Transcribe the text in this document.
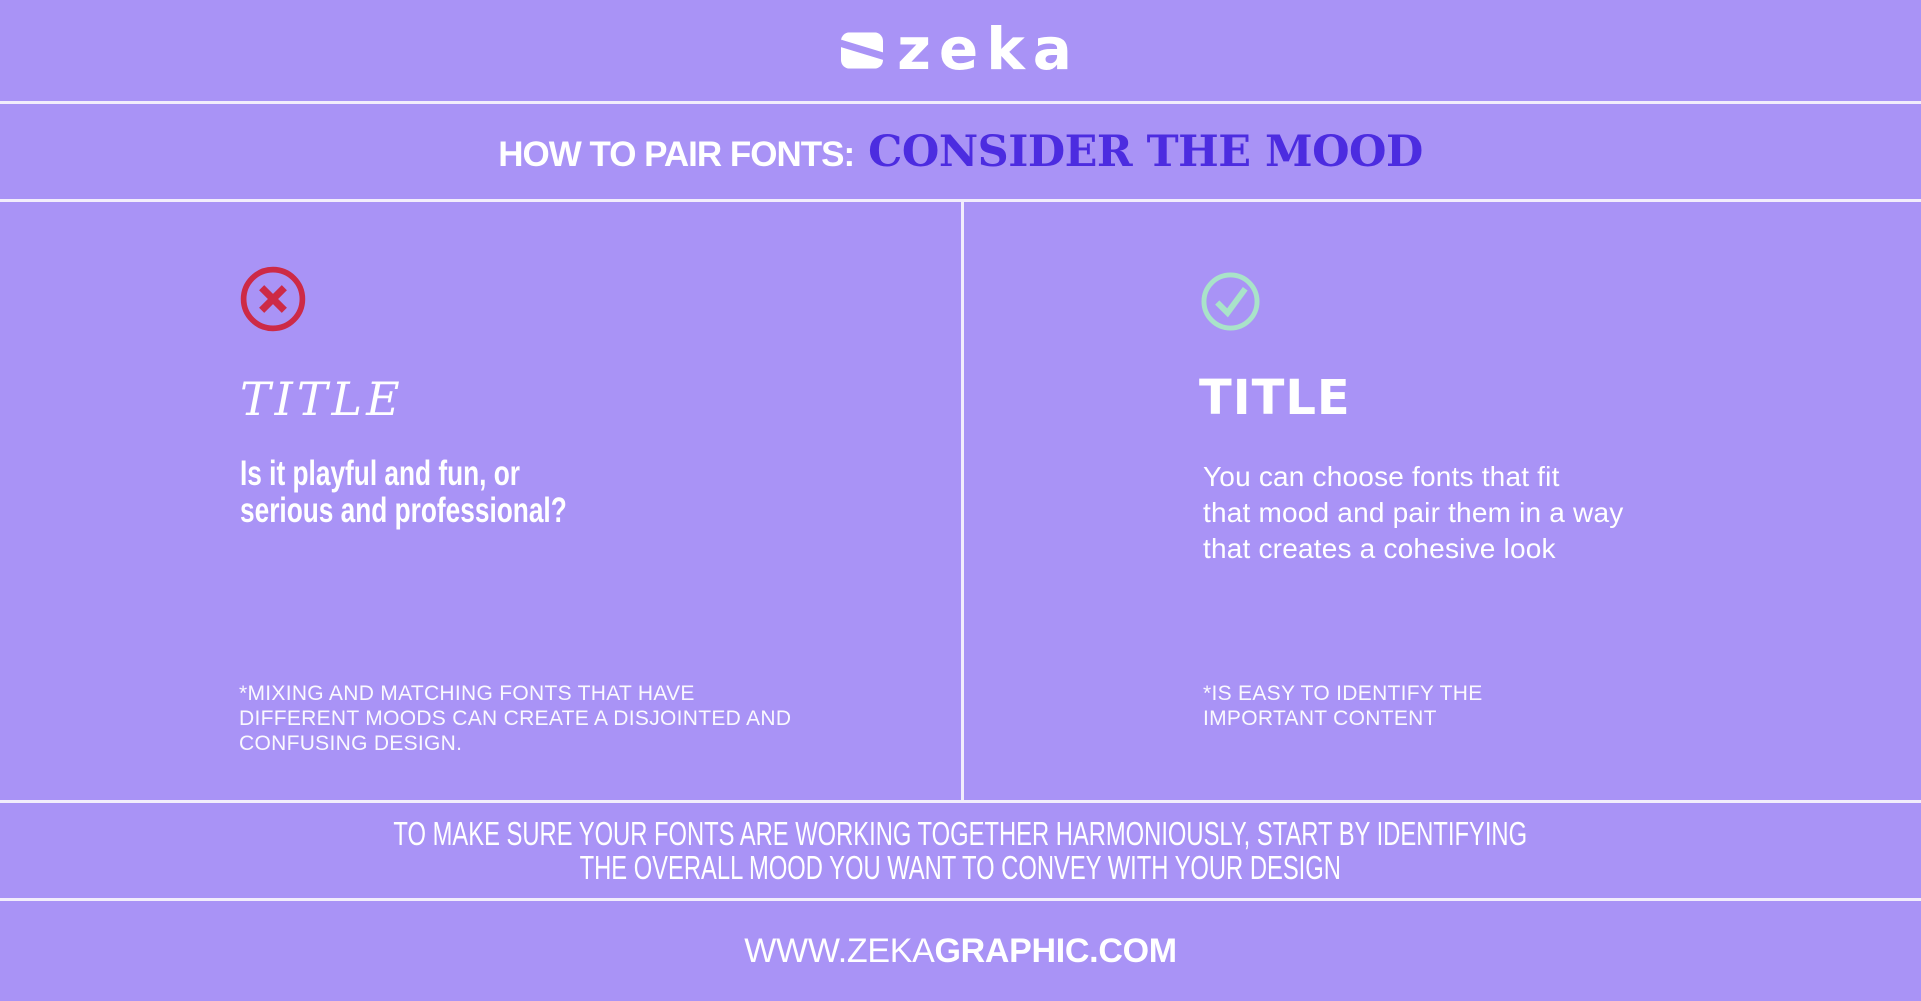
zeka
HOW TO PAIR FONTS: CONSIDER THE MOOD
TITLE
Is it playful and fun, or
serious and professional?
*MIXING AND MATCHING FONTS THAT HAVE
DIFFERENT MOODS CAN CREATE A DISJOINTED AND
CONFUSING DESIGN.
TITLE
You can choose fonts that fit
that mood and pair them in a way
that creates a cohesive look
*IS EASY TO IDENTIFY THE
IMPORTANT CONTENT

TO MAKE SURE YOUR FONTS ARE WORKING TOGETHER HARMONIOUSLY, START BY IDENTIFYING
THE OVERALL MOOD YOU WANT TO CONVEY WITH YOUR DESIGN

WWW.ZEKAGRAPHIC.COM
